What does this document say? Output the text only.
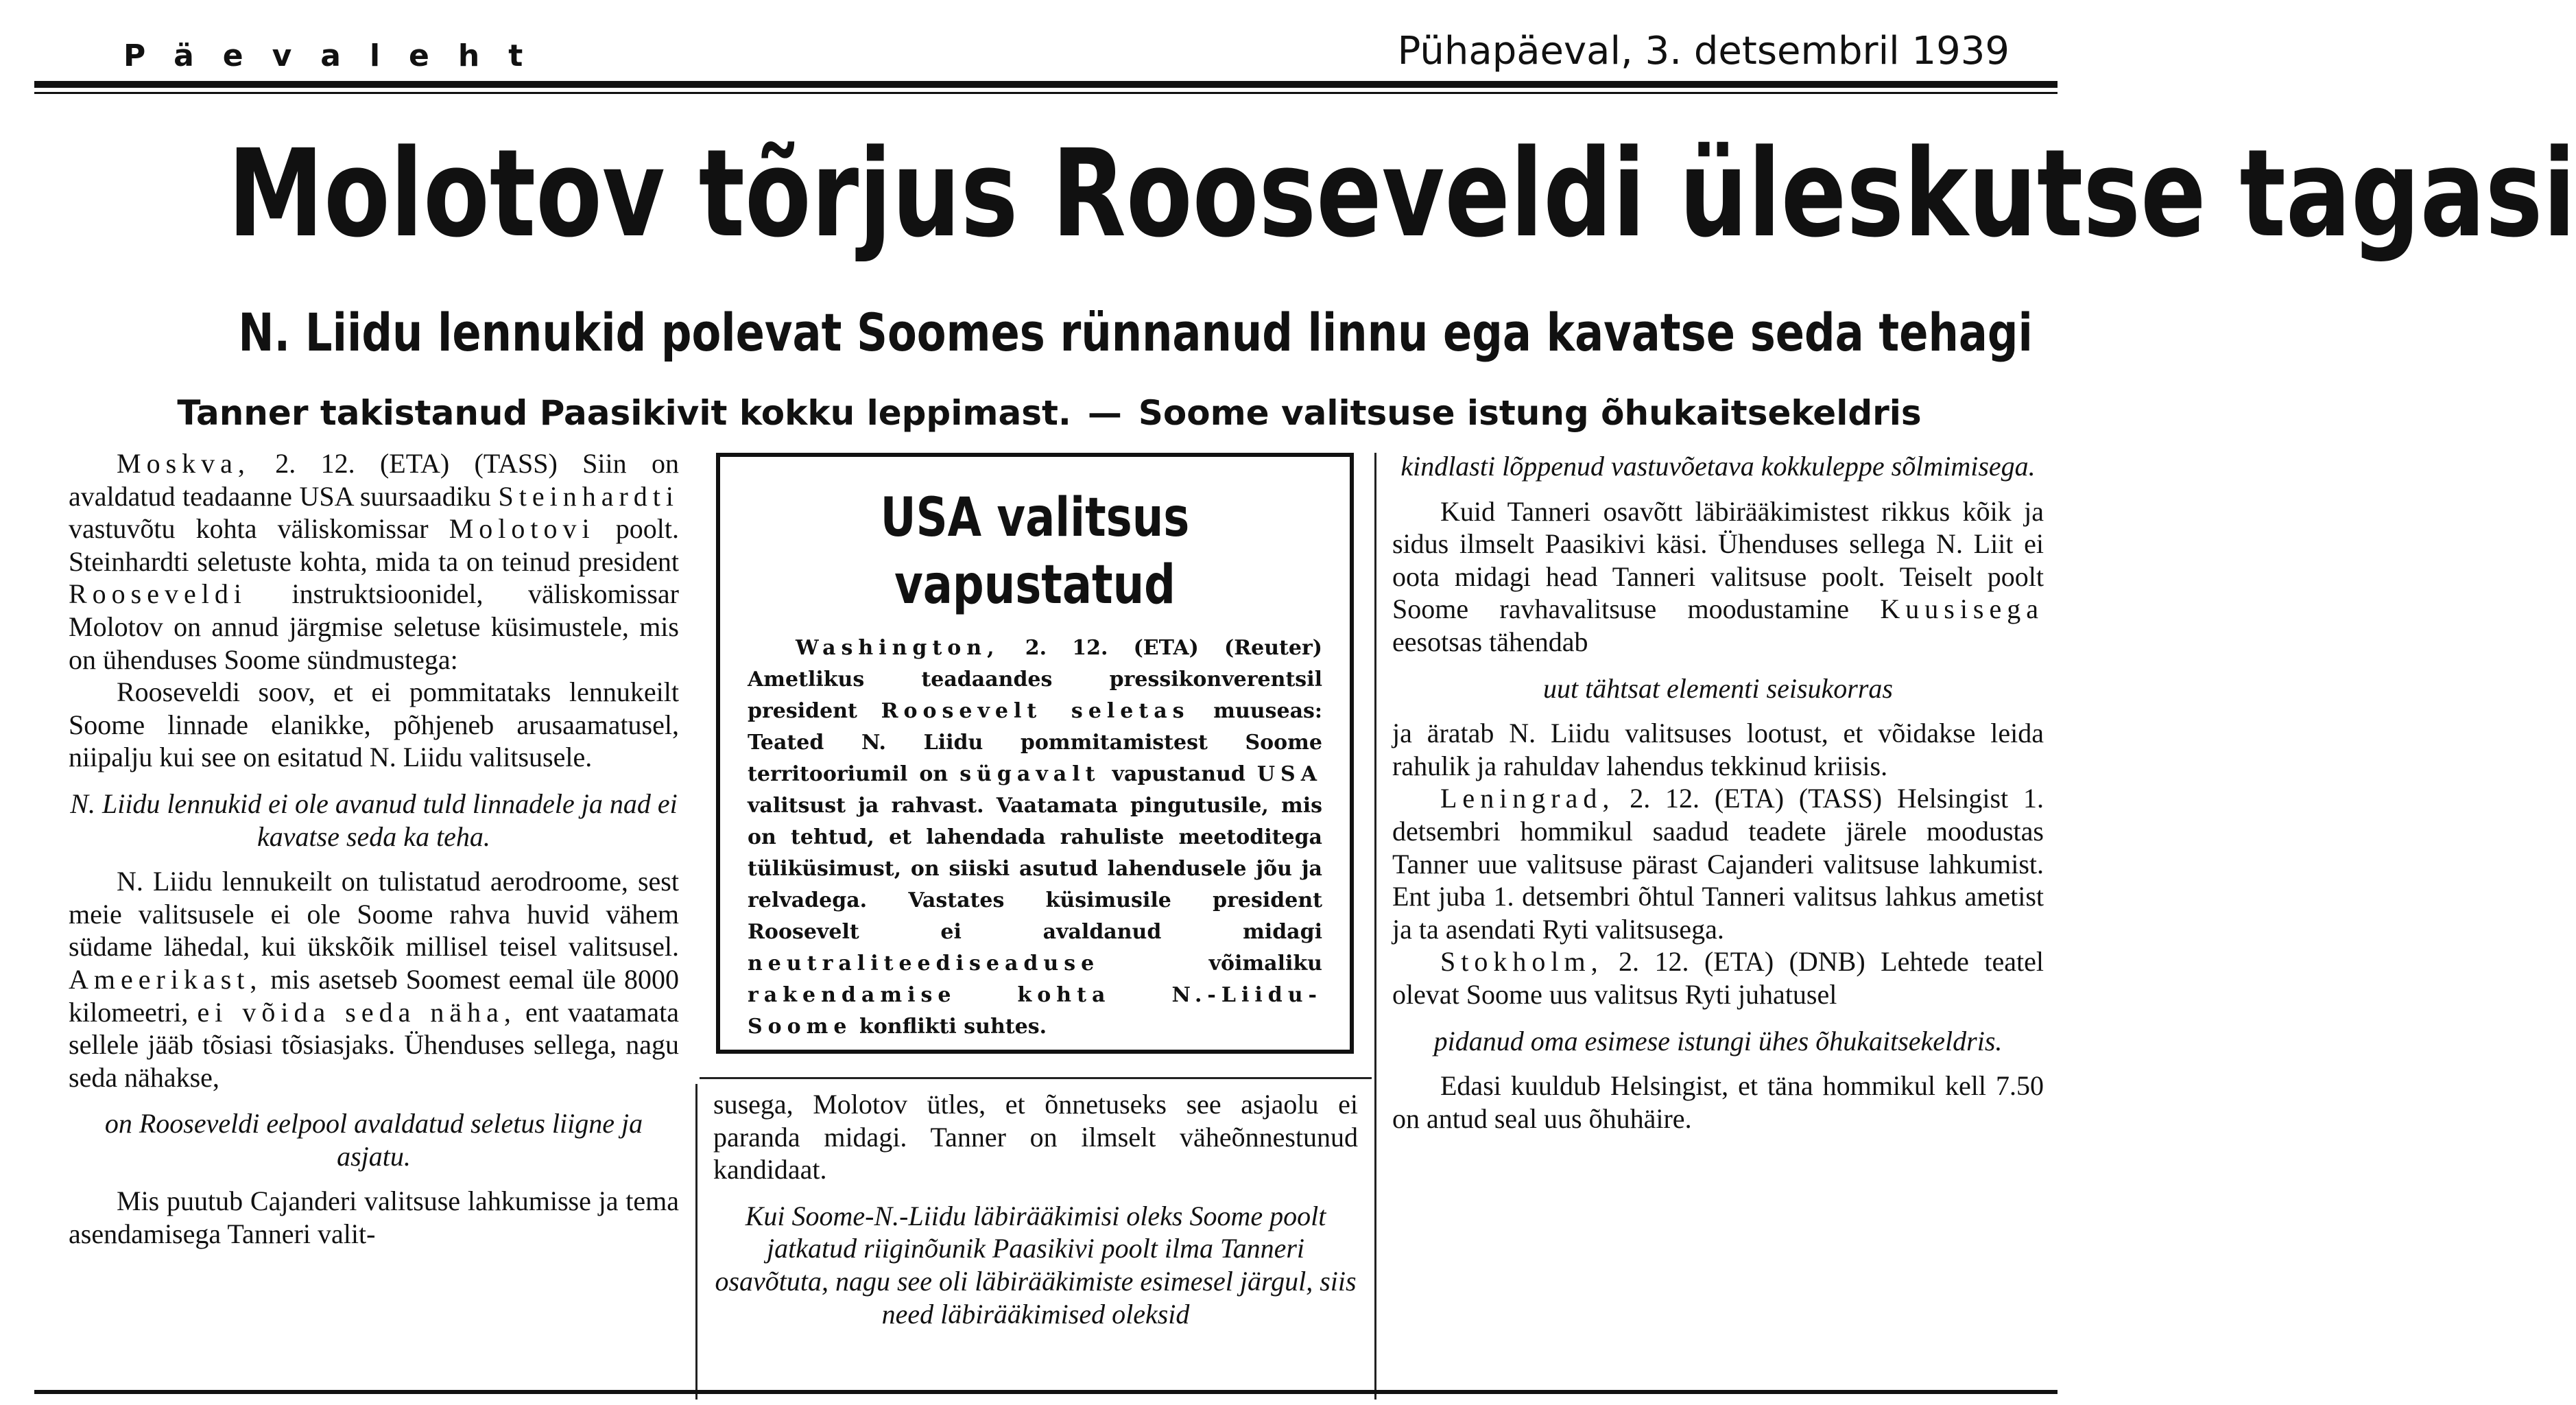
Päevaleht	Pühapäeval, 3. detsembril 1939
Molotov tõrjus Rooseveldi üleskutse tagasi
N. Liidu lennukid polevat Soomes rünnanud linnu ega kavatse seda tehagi
Tanner takistanud Paasikivit kokku leppimast. — Soome valitsuse istung õhukaitsekeldris

Moskva, 2. 12. (ETA) (TASS) Siin on avaldatud teadaanne USA suursaadiku Steinhardti vastuvõtu kohta väliskomissar Molotovi poolt. Steinhardti seletuste kohta, mida ta on teinud president Rooseveldi instruktsioonidel, väliskomissar Molotov on annud järgmise seletuse küsimustele, mis on ühenduses Soome sündmustega:

Rooseveldi soov, et ei pommitataks lennukeilt Soome linnade elanikke, põhjeneb arusaamatusel, niipalju kui see on esitatud N. Liidu valitsusele.

N. Liidu lennukid ei ole avanud tuld linnadele ja nad ei kavatse seda ka teha.

N. Liidu lennukeilt on tulistatud aerodroome, sest meie valitsusele ei ole Soome rahva huvid vähem südame lähedal, kui ükskõik millisel teisel valitsusel. Ameerikast, mis asetseb Soomest eemal üle 8000 kilomeetri, ei võida seda näha, ent vaatamata sellele jääb tõsiasi tõsiasjaks. Ühenduses sellega, nagu seda nähakse,

on Rooseveldi eelpool avaldatud seletus liigne ja asjatu.

Mis puutub Cajanderi valitsuse lahkumisse ja tema asendamisega Tanneri valit-

USA valitsus vapustatud

Washington, 2. 12. (ETA) (Reuter) Ametlikus teadaandes pressikonverentsil president Roosevelt seletas muuseas: Teated N. Liidu pommitamistest Soome territooriumil on sügavalt vapustanud USA valitsust ja rahvast. Vaatamata pingutusile, mis on tehtud, et lahendada rahuliste meetoditega tüliküsimust, on siiski asutud lahendusele jõu ja relvadega. Vastates küsimusile president Roosevelt ei avaldanud midagi neutraliteediseaduse võimaliku rakendamise kohta N.-Liidu-Soome konflikti suhtes.

susega, Molotov ütles, et õnnetuseks see asjaolu ei paranda midagi. Tanner on ilmselt väheõnnestunud kandidaat.

Kui Soome-N.-Liidu läbirääkimisi oleks Soome poolt jatkatud riiginõunik Paasikivi poolt ilma Tanneri osavõtuta, nagu see oli läbirääkimiste esimesel järgul, siis need läbirääkimised oleksid

kindlasti lõppenud vastuvõetava kokkuleppe sõlmimisega.

Kuid Tanneri osavõtt läbirääkimistest rikkus kõik ja sidus ilmselt Paasikivi käsi. Ühenduses sellega N. Liit ei oota midagi head Tanneri valitsuse poolt. Teiselt poolt Soome ravhavalitsuse moodustamine Kuusisega eesotsas tähendab

uut tähtsat elementi seisukorras

ja äratab N. Liidu valitsuses lootust, et võidakse leida rahulik ja rahuldav lahendus tekkinud kriisis.

Leningrad, 2. 12. (ETA) (TASS) Helsingist 1. detsembri hommikul saadud teadete järele moodustas Tanner uue valitsuse pärast Cajanderi valitsuse lahkumist. Ent juba 1. detsembri õhtul Tanneri valitsus lahkus ametist ja ta asendati Ryti valitsusega.

Stokholm, 2. 12. (ETA) (DNB) Lehtede teatel olevat Soome uus valitsus Ryti juhatusel

pidanud oma esimese istungi ühes õhukaitsekeldris.

Edasi kuuldub Helsingist, et täna hommikul kell 7.50 on antud seal uus õhuhäire.
